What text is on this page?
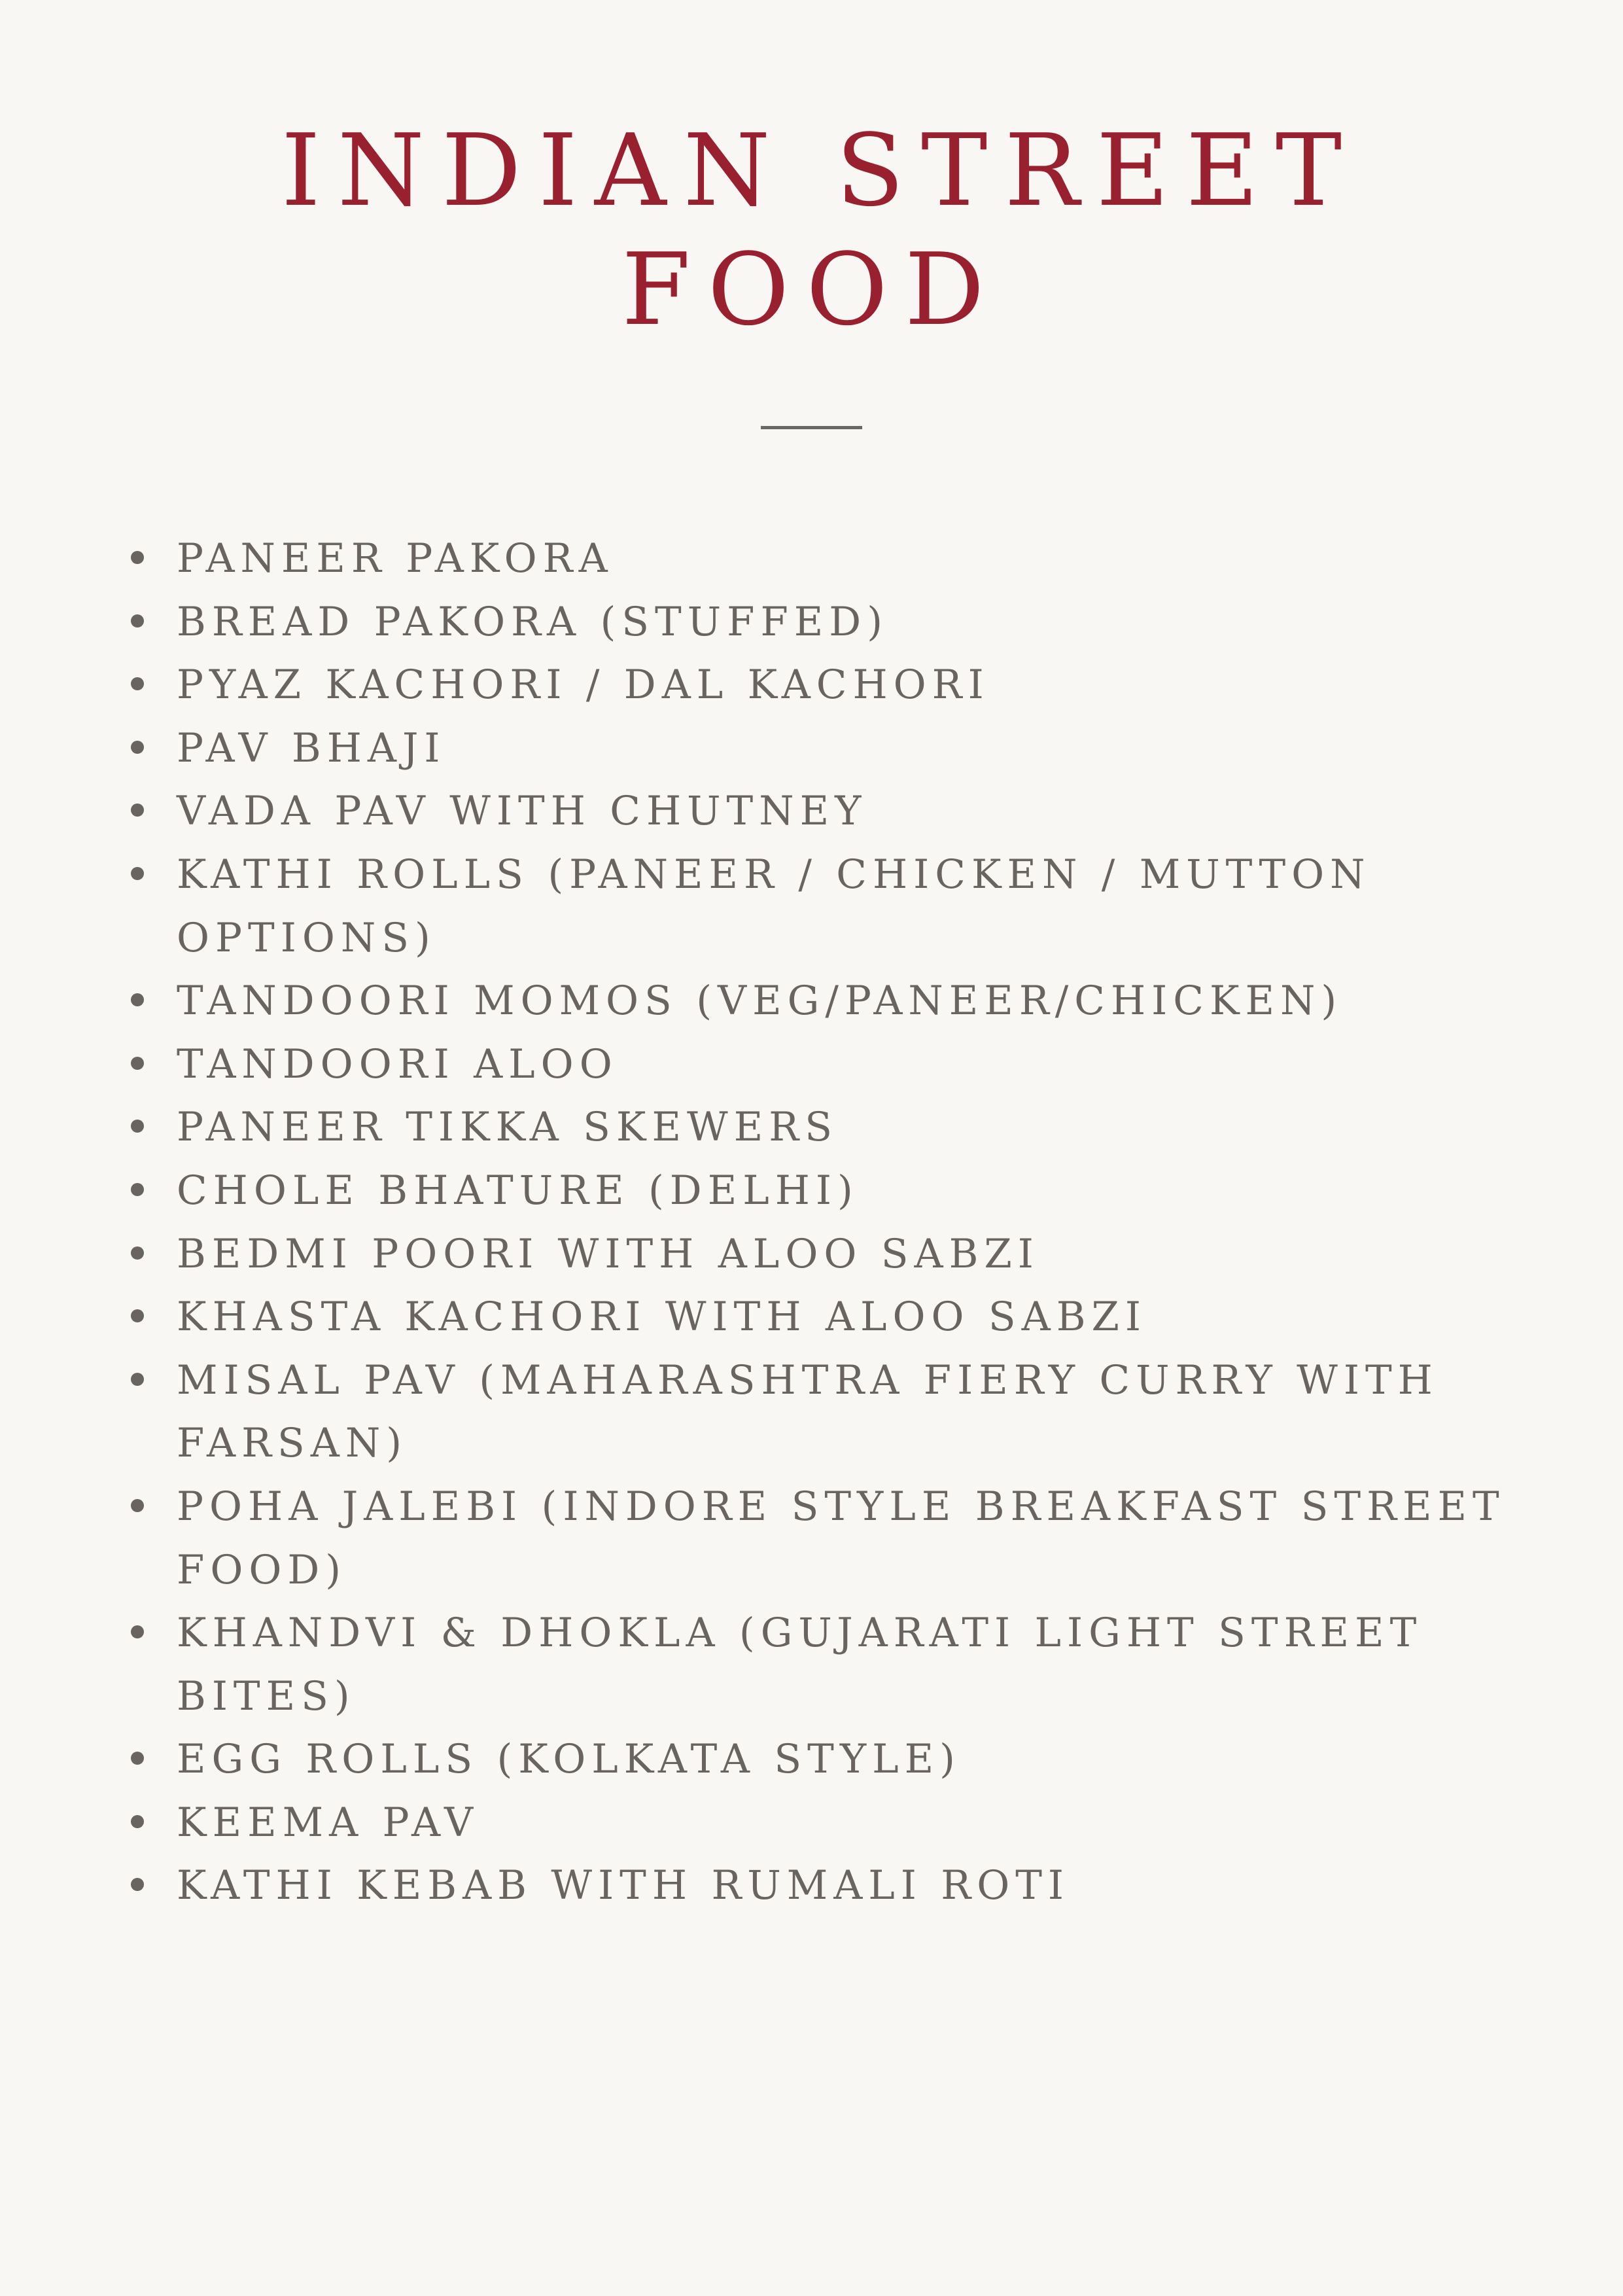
INDIAN STREET FOOD
PANEER PAKORA
BREAD PAKORA (STUFFED)
PYAZ KACHORI / DAL KACHORI
PAV BHAJI
VADA PAV WITH CHUTNEY
KATHI ROLLS (PANEER / CHICKEN / MUTTON OPTIONS)
TANDOORI MOMOS (VEG/PANEER/CHICKEN)
TANDOORI ALOO
PANEER TIKKA SKEWERS
CHOLE BHATURE (DELHI)
BEDMI POORI WITH ALOO SABZI
KHASTA KACHORI WITH ALOO SABZI
MISAL PAV (MAHARASHTRA FIERY CURRY WITH FARSAN)
POHA JALEBI (INDORE STYLE BREAKFAST STREET FOOD)
KHANDVI & DHOKLA (GUJARATI LIGHT STREET BITES)
EGG ROLLS (KOLKATA STYLE)
KEEMA PAV
KATHI KEBAB WITH RUMALI ROTI
